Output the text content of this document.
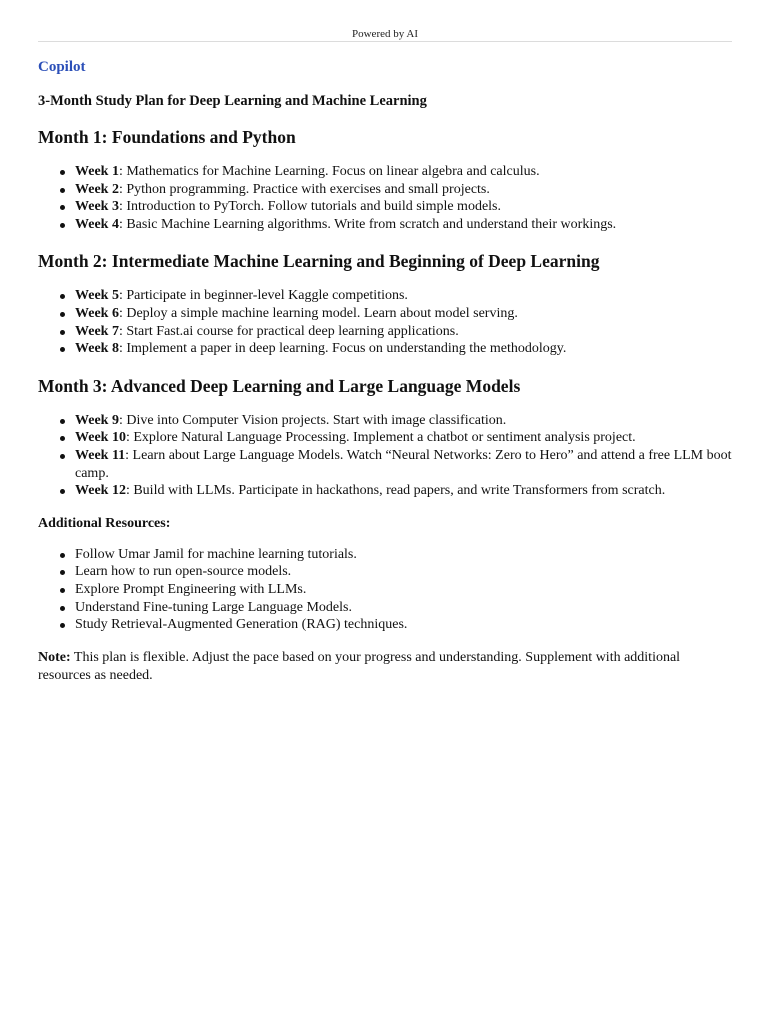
Powered by AI
Copilot
3-Month Study Plan for Deep Learning and Machine Learning
Month 1: Foundations and Python
Week 1: Mathematics for Machine Learning. Focus on linear algebra and calculus.
Week 2: Python programming. Practice with exercises and small projects.
Week 3: Introduction to PyTorch. Follow tutorials and build simple models.
Week 4: Basic Machine Learning algorithms. Write from scratch and understand their workings.
Month 2: Intermediate Machine Learning and Beginning of Deep Learning
Week 5: Participate in beginner-level Kaggle competitions.
Week 6: Deploy a simple machine learning model. Learn about model serving.
Week 7: Start Fast.ai course for practical deep learning applications.
Week 8: Implement a paper in deep learning. Focus on understanding the methodology.
Month 3: Advanced Deep Learning and Large Language Models
Week 9: Dive into Computer Vision projects. Start with image classification.
Week 10: Explore Natural Language Processing. Implement a chatbot or sentiment analysis project.
Week 11: Learn about Large Language Models. Watch “Neural Networks: Zero to Hero” and attend a free LLM boot camp.
Week 12: Build with LLMs. Participate in hackathons, read papers, and write Transformers from scratch.
Additional Resources:
Follow Umar Jamil for machine learning tutorials.
Learn how to run open-source models.
Explore Prompt Engineering with LLMs.
Understand Fine-tuning Large Language Models.
Study Retrieval-Augmented Generation (RAG) techniques.
Note: This plan is flexible. Adjust the pace based on your progress and understanding. Supplement with additional resources as needed.
